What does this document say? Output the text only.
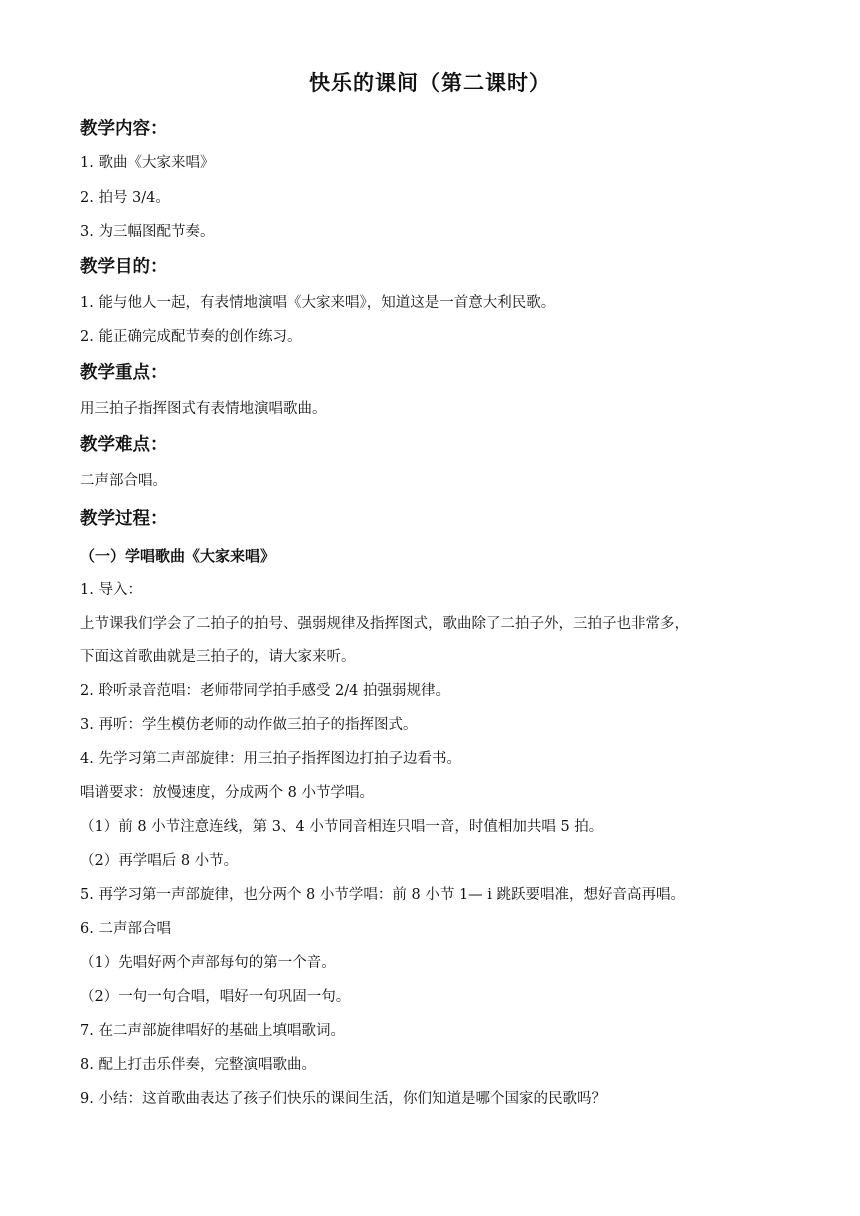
快乐的课间（第二课时）
教学内容：
1. 歌曲《大家来唱》
2. 拍号 3/4。
3. 为三幅图配节奏。
教学目的：
1. 能与他人一起，有表情地演唱《大家来唱》，知道这是一首意大利民歌。
2. 能正确完成配节奏的创作练习。
教学重点：
用三拍子指挥图式有表情地演唱歌曲。
教学难点：
二声部合唱。
教学过程：
（一）学唱歌曲《大家来唱》
1. 导入：
上节课我们学会了二拍子的拍号、强弱规律及指挥图式，歌曲除了二拍子外，三拍子也非常多，
下面这首歌曲就是三拍子的，请大家来听。
2. 聆听录音范唱：老师带同学拍手感受 2/4 拍强弱规律。
3. 再听：学生模仿老师的动作做三拍子的指挥图式。
4. 先学习第二声部旋律：用三拍子指挥图边打拍子边看书。
唱谱要求：放慢速度，分成两个 8 小节学唱。
（1）前 8 小节注意连线，第 3、4 小节同音相连只唱一音，时值相加共唱 5 拍。
（2）再学唱后 8 小节。
5. 再学习第一声部旋律，也分两个 8 小节学唱：前 8 小节 1— i 跳跃要唱准，想好音高再唱。
6. 二声部合唱
（1）先唱好两个声部每句的第一个音。
（2）一句一句合唱，唱好一句巩固一句。
7. 在二声部旋律唱好的基础上填唱歌词。
8. 配上打击乐伴奏，完整演唱歌曲。
9. 小结：这首歌曲表达了孩子们快乐的课间生活，你们知道是哪个国家的民歌吗？
